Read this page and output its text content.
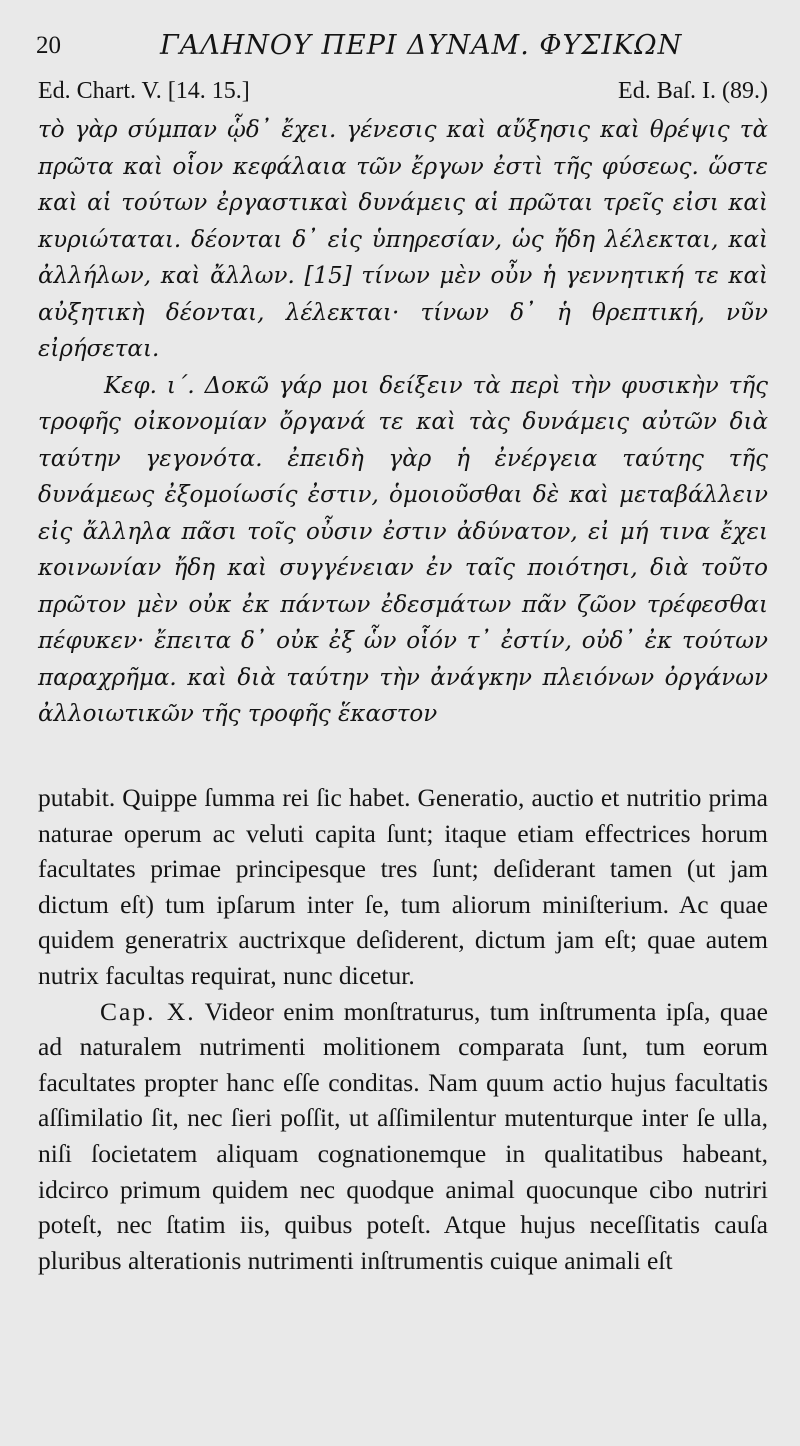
20	ΓΑΛΗΝΟΥ ΠΕΡΙ ΔΥΝΑΜ. ΦΥΣΙΚΩΝ
Ed. Chart. V. [14. 15.]	Ed. Baſ. I. (89.)

τὸ γὰρ σύμπαν ᾧδ᾽ ἔχει. γένεσις καὶ αὔξησις καὶ θρέψις τὰ πρῶτα καὶ οἷον κεφάλαια τῶν ἔργων ἐστὶ τῆς φύσεως. ὥστε καὶ αἱ τούτων ἐργαστικαὶ δυνάμεις αἱ πρῶται τρεῖς εἰσι καὶ κυριώταται. δέονται δ᾽ εἰς ὑπηρεσίαν, ὡς ἤδη λέλεκται, καὶ ἀλλήλων, καὶ ἄλλων. [15] τίνων μὲν οὖν ἡ γεννητική τε καὶ αὐξητικὴ δέονται, λέλεκται· τίνων δ᾽ ἡ θρεπτική, νῦν εἰρήσεται.

Κεφ. ι΄. Δοκῶ γάρ μοι δείξειν τὰ περὶ τὴν φυσικὴν τῆς τροφῆς οἰκονομίαν ὄργανά τε καὶ τὰς δυνάμεις αὐτῶν διὰ ταύτην γεγονότα. ἐπειδὴ γὰρ ἡ ἐνέργεια ταύτης τῆς δυνάμεως ἐξομοίωσίς ἐστιν, ὁμοιοῦσθαι δὲ καὶ μεταβάλλειν εἰς ἄλληλα πᾶσι τοῖς οὖσιν ἐστιν ἀδύνατον, εἰ μή τινα ἔχει κοινωνίαν ἤδη καὶ συγγένειαν ἐν ταῖς ποιότησι, διὰ τοῦτο πρῶτον μὲν οὐκ ἐκ πάντων ἐδεσμάτων πᾶν ζῶον τρέφεσθαι πέφυκεν· ἔπειτα δ᾽ οὐκ ἐξ ὧν οἷόν τ᾽ ἐστίν, οὐδ᾽ ἐκ τούτων παραχρῆμα. καὶ διὰ ταύτην τὴν ἀνάγκην πλειόνων ὀργάνων ἀλλοιωτικῶν τῆς τροφῆς ἕκαστον

putabit. Quippe ſumma rei ſic habet. Generatio, auctio et nutritio prima naturae operum ac veluti capita ſunt; itaque etiam effectrices horum facultates primae principesque tres ſunt; deſiderant tamen (ut jam dictum eſt) tum ipſarum inter ſe, tum aliorum miniſterium. Ac quae quidem generatrix auctrixque deſiderent, dictum jam eſt; quae autem nutrix facultas requirat, nunc dicetur.

Cap. X. Videor enim monſtraturus, tum inſtrumenta ipſa, quae ad naturalem nutrimenti molitionem comparata ſunt, tum eorum facultates propter hanc eſſe conditas. Nam quum actio hujus facultatis aſſimilatio ſit, nec ſieri poſſit, ut aſſimilentur mutenturque inter ſe ulla, niſi ſocietatem aliquam cognationemque in qualitatibus habeant, idcirco primum quidem nec quodque animal quocunque cibo nutriri poteſt, nec ſtatim iis, quibus poteſt. Atque hujus neceſſitatis cauſa pluribus alterationis nutrimenti inſtrumentis cuique animali eſt
